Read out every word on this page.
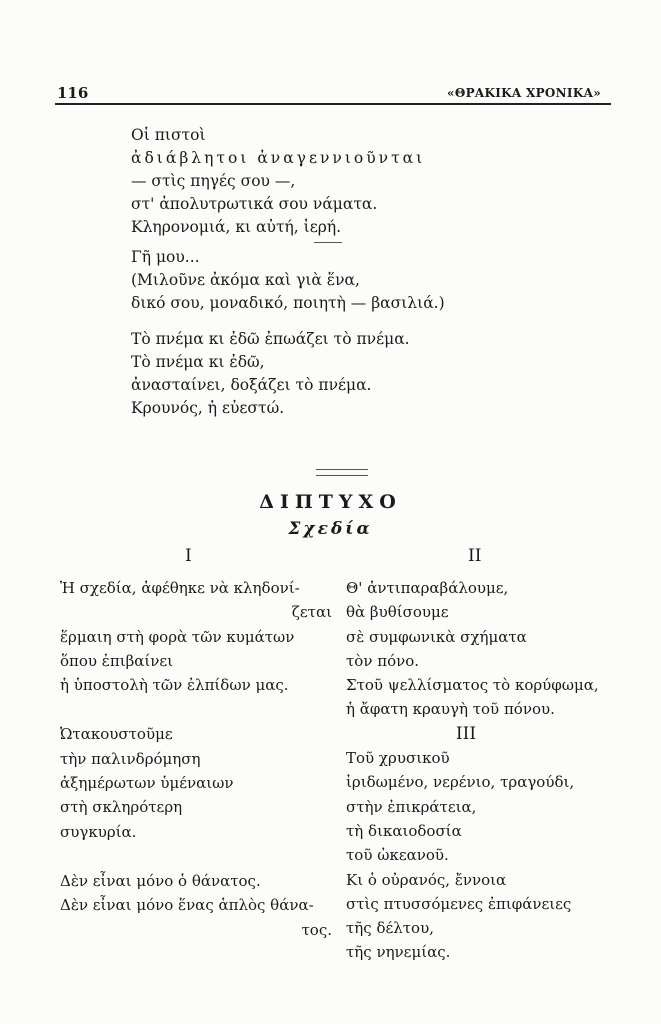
116	«ΘΡΑΚΙΚΑ ΧΡΟΝΙΚΑ»
Οἱ πιστοὶ
ἀδιάβλητοι ἀναγεννιοῦνται
— στὶς πηγές σου —,
στ' ἀπολυτρωτικά σου νάματα.
Κληρονομιά, κι αὐτή, ἱερή.
Γῆ μου...
(Μιλοῦνε ἀκόμα καὶ γιὰ ἕνα,
δικό σου, μοναδικό, ποιητὴ — βασιλιά.)
Τὸ πνέμα κι ἐδῶ ἐπωάζει τὸ πνέμα.
Τὸ πνέμα κι ἐδῶ,
ἀνασταίνει, δοξάζει τὸ πνέμα.
Κρουνός, ἡ εὐεστώ.
ΔΙΠΤΥΧΟ
Σχεδία
I	II
Ἡ σχεδία, ἀφέθηκε νὰ κληδονί-
ζεται
ἕρμαιη στὴ φορὰ τῶν κυμάτων
ὅπου ἐπιβαίνει
ἡ ὑποστολὴ τῶν ἐλπίδων μας.
Ὠτακουστοῦμε
τὴν παλινδρόμηση
ἀξημέρωτων ὑμέναιων
στὴ σκληρότερη
συγκυρία.
Δὲν εἶναι μόνο ὁ θάνατος.
Δὲν εἶναι μόνο ἕνας ἁπλὸς θάνα-
τος.
Θ' ἀντιπαραβάλουμε,
θὰ βυθίσουμε
σὲ συμφωνικὰ σχήματα
τὸν πόνο.
Στοῦ ψελλίσματος τὸ κορύφωμα,
ἡ ἄφατη κραυγὴ τοῦ πόνου.
III
Τοῦ χρυσικοῦ
ἰριδωμένο, νερένιο, τραγούδι,
στὴν ἐπικράτεια,
τὴ δικαιοδοσία
τοῦ ὠκεανοῦ.
Κι ὁ οὐρανός, ἔννοια
στὶς πτυσσόμενες ἐπιφάνειες
τῆς δέλτου,
τῆς νηνεμίας.
